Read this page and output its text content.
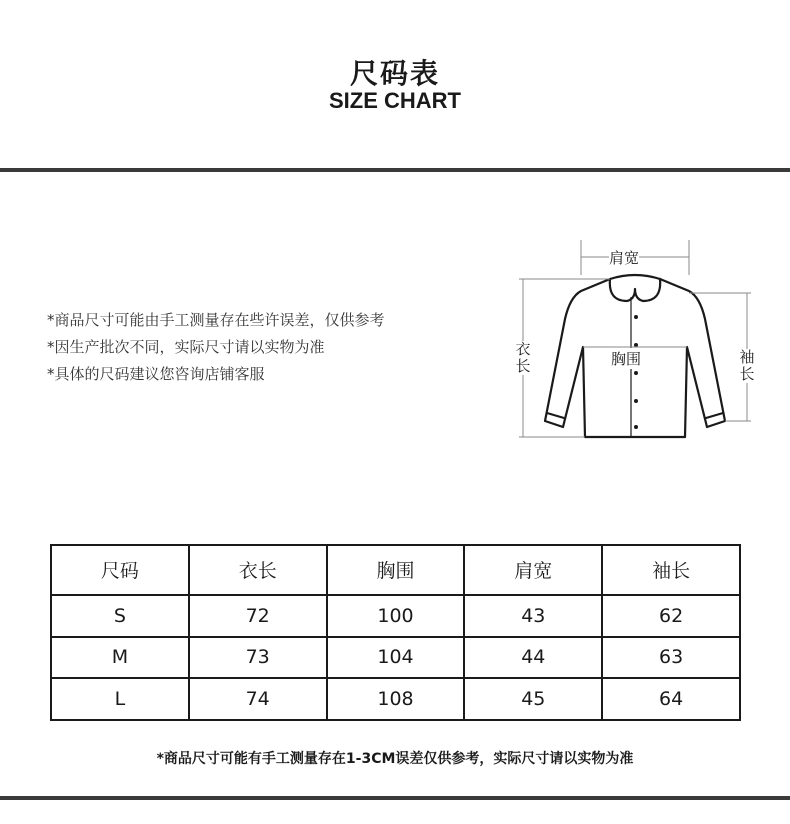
尺码表
SIZE CHART
*商品尺寸可能由手工测量存在些许误差，仅供参考
*因生产批次不同，实际尺寸请以实物为准
*具体的尺码建议您咨询店铺客服
肩宽
胸围
衣长	袖长
尺码	衣长	胸围	肩宽	袖长
S	72	100	43	62
M	73	104	44	63
L	74	108	45	64
*商品尺寸可能有手工测量存在1-3CM误差仅供参考，实际尺寸请以实物为准
